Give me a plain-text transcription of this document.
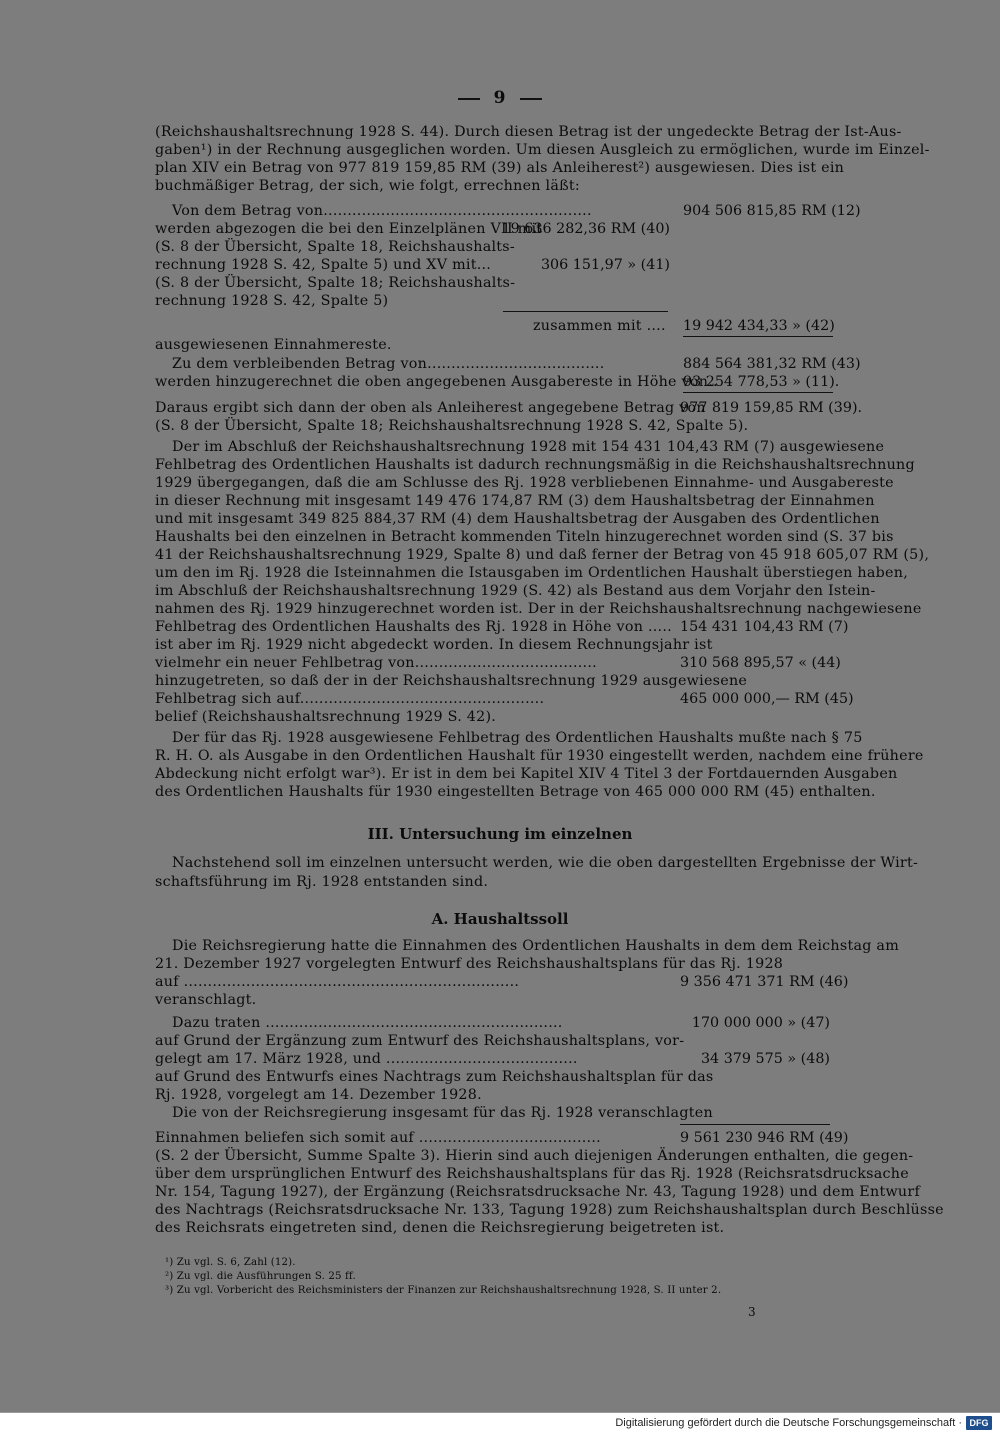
9
(Reichshaushaltsrechnung 1928 S. 44). Durch diesen Betrag ist der ungedeckte Betrag der Ist-Aus-
gaben¹) in der Rechnung ausgeglichen worden. Um diesen Ausgleich zu ermöglichen, wurde im Einzel-
plan XIV ein Betrag von 977 819 159,85 RM (39) als Anleiherest²) ausgewiesen. Dies ist ein
buchmäßiger Betrag, der sich, wie folgt, errechnen läßt:
Von dem Betrag von........................................................
werden abgezogen die bei den Einzelplänen VII mit
(S. 8 der Übersicht, Spalte 18, Reichshaushalts-
rechnung 1928 S. 42, Spalte 5) und XV mit...
(S. 8 der Übersicht, Spalte 18; Reichshaushalts-
rechnung 1928 S. 42, Spalte 5)
zusammen mit ....
ausgewiesenen Einnahmereste.
Zu dem verbleibenden Betrag von.....................................
werden hinzugerechnet die oben angegebenen Ausgabereste in Höhe von..
Daraus ergibt sich dann der oben als Anleiherest angegebene Betrag von
(S. 8 der Übersicht, Spalte 18; Reichshaushaltsrechnung 1928 S. 42, Spalte 5).
Der im Abschluß der Reichshaushaltsrechnung 1928 mit 154 431 104,43 RM (7) ausgewiesene
Fehlbetrag des Ordentlichen Haushalts ist dadurch rechnungsmäßig in die Reichshaushaltsrechnung
1929 übergegangen, daß die am Schlusse des Rj. 1928 verbliebenen Einnahme- und Ausgabereste
in dieser Rechnung mit insgesamt 149 476 174,87 RM (3) dem Haushaltsbetrag der Einnahmen
und mit insgesamt 349 825 884,37 RM (4) dem Haushaltsbetrag der Ausgaben des Ordentlichen
Haushalts bei den einzelnen in Betracht kommenden Titeln hinzugerechnet worden sind (S. 37 bis
41 der Reichshaushaltsrechnung 1929, Spalte 8) und daß ferner der Betrag von 45 918 605,07 RM (5),
um den im Rj. 1928 die Isteinnahmen die Istausgaben im Ordentlichen Haushalt überstiegen haben,
im Abschluß der Reichshaushaltsrechnung 1929 (S. 42) als Bestand aus dem Vorjahr den Istein-
nahmen des Rj. 1929 hinzugerechnet worden ist. Der in der Reichshaushaltsrechnung nachgewiesene
Fehlbetrag des Ordentlichen Haushalts des Rj. 1928 in Höhe von .....
ist aber im Rj. 1929 nicht abgedeckt worden. In diesem Rechnungsjahr ist
vielmehr ein neuer Fehlbetrag von......................................
hinzugetreten, so daß der in der Reichshaushaltsrechnung 1929 ausgewiesene
Fehlbetrag sich auf...................................................
belief (Reichshaushaltsrechnung 1929 S. 42).
Der für das Rj. 1928 ausgewiesene Fehlbetrag des Ordentlichen Haushalts mußte nach § 75
R. H. O. als Ausgabe in den Ordentlichen Haushalt für 1930 eingestellt werden, nachdem eine frühere
Abdeckung nicht erfolgt war³). Er ist in dem bei Kapitel XIV 4 Titel 3 der Fortdauernden Ausgaben
des Ordentlichen Haushalts für 1930 eingestellten Betrage von 465 000 000 RM (45) enthalten.
Nachstehend soll im einzelnen untersucht werden, wie die oben dargestellten Ergebnisse der Wirt-
schaftsführung im Rj. 1928 entstanden sind.
Die Reichsregierung hatte die Einnahmen des Ordentlichen Haushalts in dem dem Reichstag am
21. Dezember 1927 vorgelegten Entwurf des Reichshaushaltsplans für das Rj. 1928
auf ......................................................................
veranschlagt.
Dazu traten ..............................................................
auf Grund der Ergänzung zum Entwurf des Reichshaushaltsplans, vor-
gelegt am 17. März 1928, und ........................................
auf Grund des Entwurfs eines Nachtrags zum Reichshaushaltsplan für das
Rj. 1928, vorgelegt am 14. Dezember 1928.
Die von der Reichsregierung insgesamt für das Rj. 1928 veranschlagten
Einnahmen beliefen sich somit auf ......................................
(S. 2 der Übersicht, Summe Spalte 3). Hierin sind auch diejenigen Änderungen enthalten, die gegen-
über dem ursprünglichen Entwurf des Reichshaushaltsplans für das Rj. 1928 (Reichsratsdrucksache
Nr. 154, Tagung 1927), der Ergänzung (Reichsratsdrucksache Nr. 43, Tagung 1928) und dem Entwurf
des Nachtrags (Reichsratsdrucksache Nr. 133, Tagung 1928) zum Reichshaushaltsplan durch Beschlüsse
des Reichsrats eingetreten sind, denen die Reichsregierung beigetreten ist.
904 506 815,85 RM (12)
19 636 282,36 RM (40)
306 151,97 » (41)
19 942 434,33 » (42)
884 564 381,32 RM (43)
93 254 778,53 » (11).
977 819 159,85 RM (39).
154 431 104,43 RM (7)
310 568 895,57 « (44)
465 000 000,— RM (45)
9 356 471 371 RM (46)
170 000 000 » (47)
34 379 575 » (48)
9 561 230 946 RM (49)
III. Untersuchung im einzelnen
A. Haushaltssoll
¹) Zu vgl. S. 6, Zahl (12).
²) Zu vgl. die Ausführungen S. 25 ff.
³) Zu vgl. Vorbericht des Reichsministers der Finanzen zur Reichshaushaltsrechnung 1928, S. II unter 2.
3
Digitalisierung gefördert durch die Deutsche Forschungsgemeinschaft · DFG
